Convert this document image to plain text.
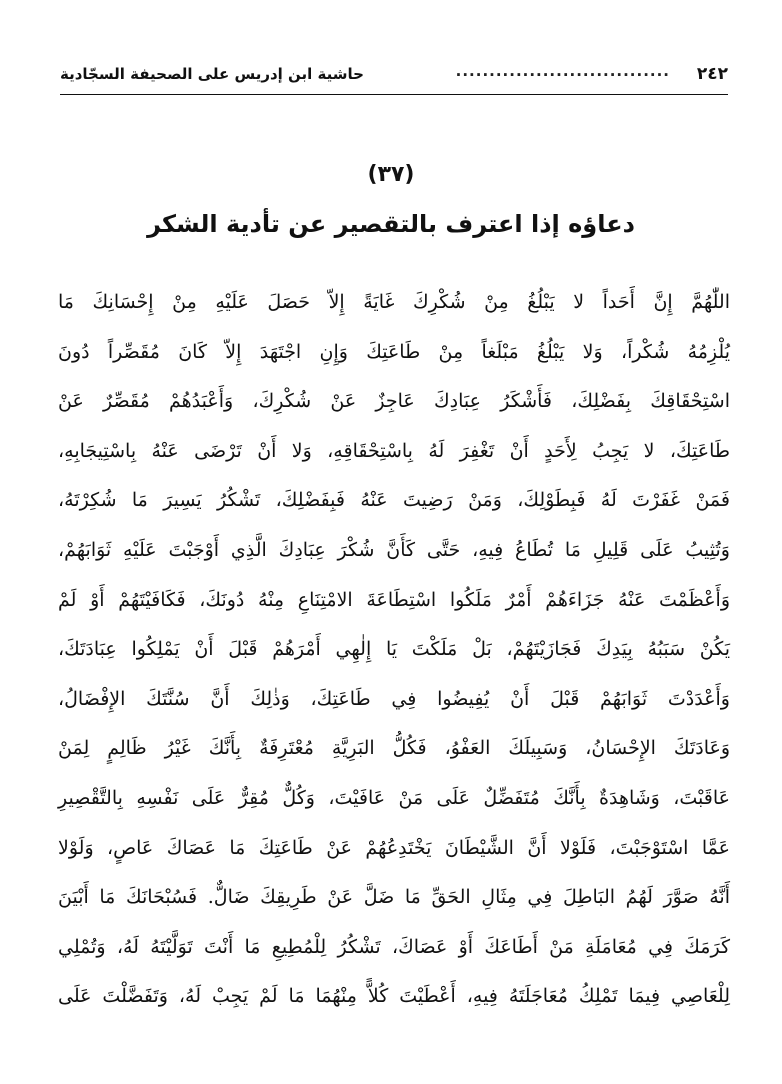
٢٤٢
................................
حاشية ابن إدريس على الصحيفة السجّادية
(٣٧)
دعاؤه إذا اعترف بالتقصير عن تأدية الشكر
اللّٰهُمَّ إِنَّ أَحَداً لا يَبْلُغُ مِنْ شُكْرِكَ غَايَةً إِلاّ حَصَلَ عَلَيْهِ مِنْ إِحْسَانِكَ مَا
يُلْزِمُهُ شُكْراً، وَلا يَبْلُغُ مَبْلَغاً مِنْ طَاعَتِكَ وَإِنِ اجْتَهَدَ إِلاّ كَانَ مُقَصِّراً دُونَ
اسْتِحْقَاقِكَ بِفَضْلِكَ، فَأَشْكَرُ عِبَادِكَ عَاجِزٌ عَنْ شُكْرِكَ، وَأَعْبَدُهُمْ مُقَصِّرٌ عَنْ
طَاعَتِكَ، لا يَجِبُ لِأَحَدٍ أَنْ تَغْفِرَ لَهُ بِاسْتِحْقَاقِهِ، وَلا أَنْ تَرْضَى عَنْهُ بِاسْتِيجَابِهِ،
فَمَنْ غَفَرْتَ لَهُ فَبِطَوْلِكَ، وَمَنْ رَضِيتَ عَنْهُ فَبِفَضْلِكَ، تَشْكُرُ يَسِيرَ مَا شُكِرْتَهُ،
وَتُثِيبُ عَلَى قَلِيلِ مَا تُطَاعُ فِيهِ، حَتَّى كَأَنَّ شُكْرَ عِبَادِكَ الَّذِي أَوْجَبْتَ عَلَيْهِ ثَوَابَهُمْ،
وَأَعْظَمْتَ عَنْهُ جَزَاءَهُمْ أَمْرٌ مَلَكُوا اسْتِطَاعَةَ الامْتِنَاعِ مِنْهُ دُونَكَ، فَكَافَيْتَهُمْ أَوْ لَمْ
يَكُنْ سَبَبُهُ بِيَدِكَ فَجَازَيْتَهُمْ، بَلْ مَلَكْتَ يَا إِلٰهِي أَمْرَهُمْ قَبْلَ أَنْ يَمْلِكُوا عِبَادَتَكَ،
وَأَعْدَدْتَ ثَوَابَهُمْ قَبْلَ أَنْ يُفِيضُوا فِي طَاعَتِكَ، وَذٰلِكَ أَنَّ سُنَّتَكَ الإِفْضَالُ،
وَعَادَتَكَ الإِحْسَانُ، وَسَبِيلَكَ العَفْوُ، فَكُلُّ البَرِيَّةِ مُعْتَرِفَةٌ بِأَنَّكَ غَيْرُ ظَالِمٍ لِمَنْ
عَاقَبْتَ، وَشَاهِدَةٌ بِأَنَّكَ مُتَفَضِّلٌ عَلَى مَنْ عَافَيْتَ، وَكُلٌّ مُقِرٌّ عَلَى نَفْسِهِ بِالتَّقْصِيرِ
عَمَّا اسْتَوْجَبْتَ، فَلَوْلا أَنَّ الشَّيْطَانَ يَخْتَدِعُهُمْ عَنْ طَاعَتِكَ مَا عَصَاكَ عَاصٍ، وَلَوْلا
أَنَّهُ صَوَّرَ لَهُمُ البَاطِلَ فِي مِثَالِ الحَقِّ مَا ضَلَّ عَنْ طَرِيقِكَ ضَالٌّ. فَسُبْحَانَكَ مَا أَبْيَنَ
كَرَمَكَ فِي مُعَامَلَةِ مَنْ أَطَاعَكَ أَوْ عَصَاكَ، تَشْكُرُ لِلْمُطِيعِ مَا أَنْتَ تَوَلَّيْتَهُ لَهُ، وَتُمْلِي
لِلْعَاصِي فِيمَا تَمْلِكُ مُعَاجَلَتَهُ فِيهِ، أَعْطَيْتَ كُلاًّ مِنْهُمَا مَا لَمْ يَجِبْ لَهُ، وَتَفَضَّلْتَ عَلَى
